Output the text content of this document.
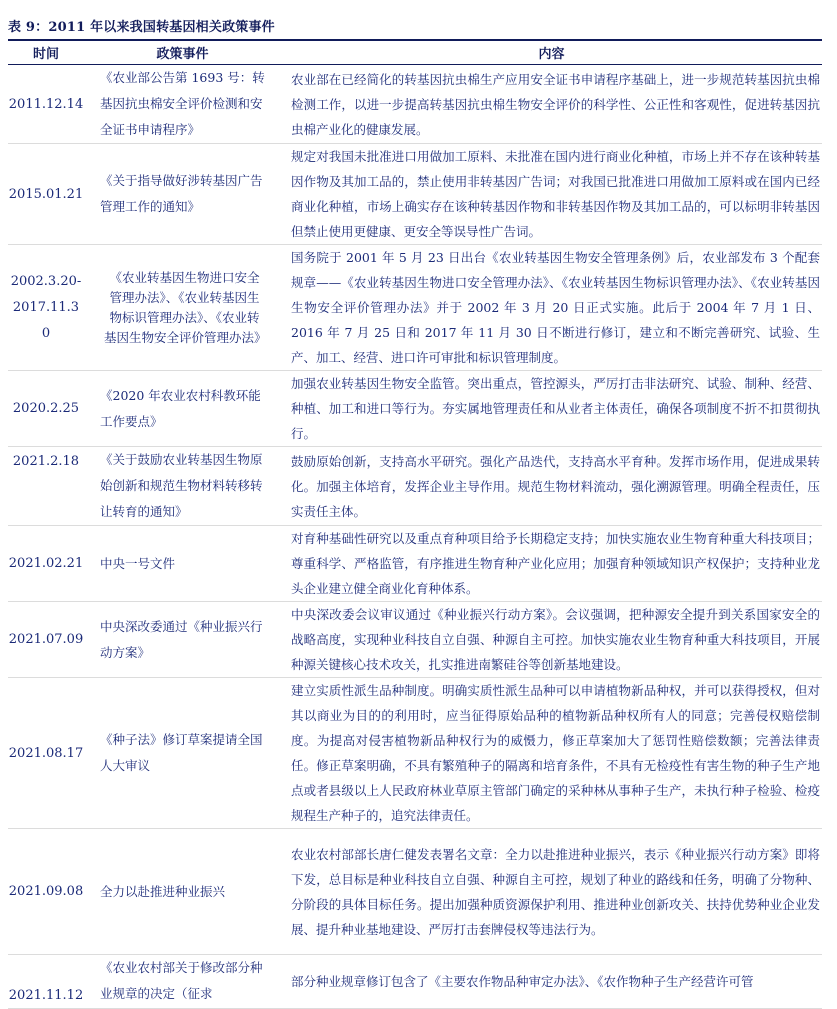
表 9：2011 年以来我国转基因相关政策事件
时间	政策事件	内容
2011.12.14	《农业部公告第 1693 号：转基因抗虫棉安全评价检测和安全证书申请程序》	农业部在已经简化的转基因抗虫棉生产应用安全证书申请程序基础上，进一步规范转基因抗虫棉检测工作，以进一步提高转基因抗虫棉生物安全评价的科学性、公正性和客观性，促进转基因抗虫棉产业化的健康发展。
2015.01.21	《关于指导做好涉转基因广告管理工作的通知》	规定对我国未批准进口用做加工原料、未批准在国内进行商业化种植，市场上并不存在该种转基因作物及其加工品的，禁止使用非转基因广告词；对我国已批准进口用做加工原料或在国内已经商业化种植，市场上确实存在该种转基因作物和非转基因作物及其加工品的，可以标明非转基因但禁止使用更健康、更安全等误导性广告词。
2002.3.20-2017.11.30	《农业转基因生物进口安全管理办法》、《农业转基因生物标识管理办法》、《农业转基因生物安全评价管理办法》	国务院于 2001 年 5 月 23 日出台《农业转基因生物安全管理条例》后，农业部发布 3 个配套规章——《农业转基因生物进口安全管理办法》、《农业转基因生物标识管理办法》、《农业转基因生物安全评价管理办法》并于 2002 年 3 月 20 日正式实施。此后于 2004 年 7 月 1 日、2016 年 7 月 25 日和 2017 年 11 月 30 日不断进行修订，建立和不断完善研究、试验、生产、加工、经营、进口许可审批和标识管理制度。
2020.2.25	《2020 年农业农村科教环能工作要点》	加强农业转基因生物安全监管。突出重点，管控源头，严厉打击非法研究、试验、制种、经营、种植、加工和进口等行为。夯实属地管理责任和从业者主体责任，确保各项制度不折不扣贯彻执行。
2021.2.18	《关于鼓励农业转基因生物原始创新和规范生物材料转移转让转育的通知》	鼓励原始创新，支持高水平研究。强化产品迭代，支持高水平育种。发挥市场作用，促进成果转化。加强主体培育，发挥企业主导作用。规范生物材料流动，强化溯源管理。明确全程责任，压实责任主体。
2021.02.21	中央一号文件	对育种基础性研究以及重点育种项目给予长期稳定支持；加快实施农业生物育种重大科技项目；尊重科学、严格监管，有序推进生物育种产业化应用；加强育种领域知识产权保护；支持种业龙头企业建立健全商业化育种体系。
2021.07.09	中央深改委通过《种业振兴行动方案》	中央深改委会议审议通过《种业振兴行动方案》。会议强调，把种源安全提升到关系国家安全的战略高度，实现种业科技自立自强、种源自主可控。加快实施农业生物育种重大科技项目，开展种源关键核心技术攻关，扎实推进南繁硅谷等创新基地建设。
2021.08.17	《种子法》修订草案提请全国人大审议	建立实质性派生品种制度。明确实质性派生品种可以申请植物新品种权，并可以获得授权，但对其以商业为目的的利用时，应当征得原始品种的植物新品种权所有人的同意；完善侵权赔偿制度。为提高对侵害植物新品种权行为的威慑力，修正草案加大了惩罚性赔偿数额；完善法律责任。修正草案明确，不具有繁殖种子的隔离和培育条件，不具有无检疫性有害生物的种子生产地点或者县级以上人民政府林业草原主管部门确定的采种林从事种子生产，未执行种子检验、检疫规程生产种子的，追究法律责任。
2021.09.08	全力以赴推进种业振兴	农业农村部部长唐仁健发表署名文章：全力以赴推进种业振兴，表示《种业振兴行动方案》即将下发，总目标是种业科技自立自强、种源自主可控，规划了种业的路线和任务，明确了分物种、分阶段的具体目标任务。提出加强种质资源保护利用、推进种业创新攻关、扶持优势种业企业发展、提升种业基地建设、严厉打击套牌侵权等违法行为。
2021.11.12	《农业农村部关于修改部分种业规章的决定（征求	部分种业规章修订包含了《主要农作物品种审定办法》、《农作物种子生产经营许可管
